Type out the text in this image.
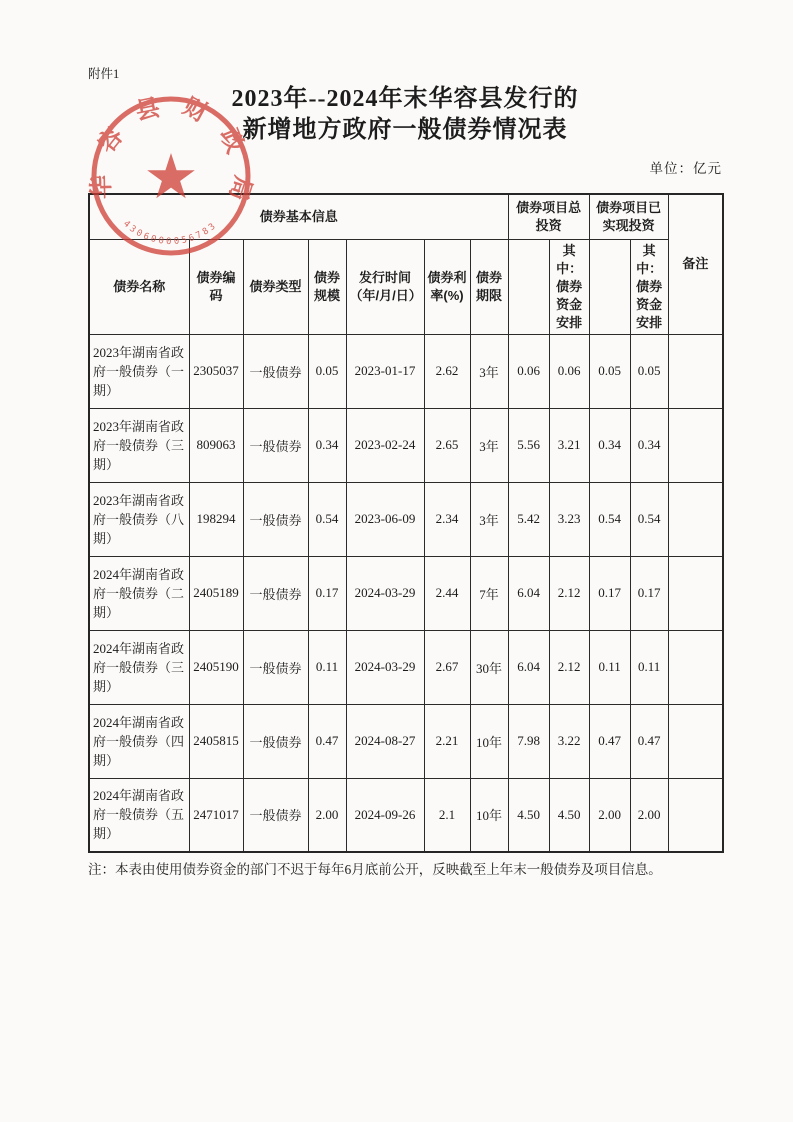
附件1
2023年--2024年末华容县发行的
新增地方政府一般债券情况表
单位：亿元
债券基本信息							债券项目总投资		债券项目已实现投资		备注
债券名称	债券编码	债券类型	债券规模	发行时间（年/月/日）	债券利率(%)	债券期限		其中：债券资金安排		其中：债券资金安排	
2023年湖南省政府一般债券（一期）	2305037	一般债券	0.05	2023-01-17	2.62	3年	0.06	0.06	0.05	0.05	
2023年湖南省政府一般债券（三期）	809063	一般债券	0.34	2023-02-24	2.65	3年	5.56	3.21	0.34	0.34	
2023年湖南省政府一般债券（八期）	198294	一般债券	0.54	2023-06-09	2.34	3年	5.42	3.23	0.54	0.54	
2024年湖南省政府一般债券（二期）	2405189	一般债券	0.17	2024-03-29	2.44	7年	6.04	2.12	0.17	0.17	
2024年湖南省政府一般债券（三期）	2405190	一般债券	0.11	2024-03-29	2.67	30年	6.04	2.12	0.11	0.11	
2024年湖南省政府一般债券（四期）	2405815	一般债券	0.47	2024-08-27	2.21	10年	7.98	3.22	0.47	0.47	
2024年湖南省政府一般债券（五期）	2471017	一般债券	2.00	2024-09-26	2.1	10年	4.50	4.50	2.00	2.00	
注：本表由使用债券资金的部门不迟于每年6月底前公开，反映截至上年末一般债券及项目信息。
华容县财政局
4306000056783
